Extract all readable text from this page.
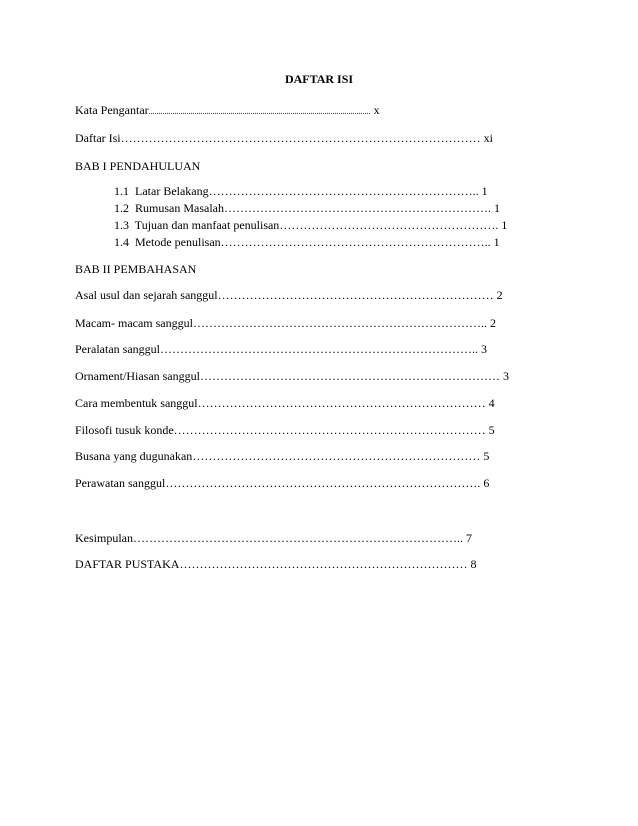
DAFTAR ISI
Kata Pengantar............................................................................................................... x
Daftar Isi……………………………………………………………………………… xi
BAB I PENDAHULUAN
1.1  Latar Belakang………………………………………………………….. 1
1.2  Rumusan Masalah…………………………………………………………. 1
1.3  Tujuan dan manfaat penulisan………………………………………………. 1
1.4  Metode penulisan………………………………………………………….. 1
BAB II PEMBAHASAN
Asal usul dan sejarah sanggul…………………………………………………………… 2
Macam- macam sanggul……………………………………………………………….. 2
Peralatan sanggul…………………………………………………………………….. 3
Ornament/Hiasan sanggul………………………………………………………………… 3
Cara membentuk sanggul……………………………………………………………… 4
Filosofi tusuk konde…………………………………………………………………… 5
Busana yang dugunakan……………………………………………………………… 5
Perawatan sanggul……………………………………………………………………. 6
Kesimpulan……………………………………………………………………….. 7
DAFTAR PUSTAKA……………………………………………………………… 8
